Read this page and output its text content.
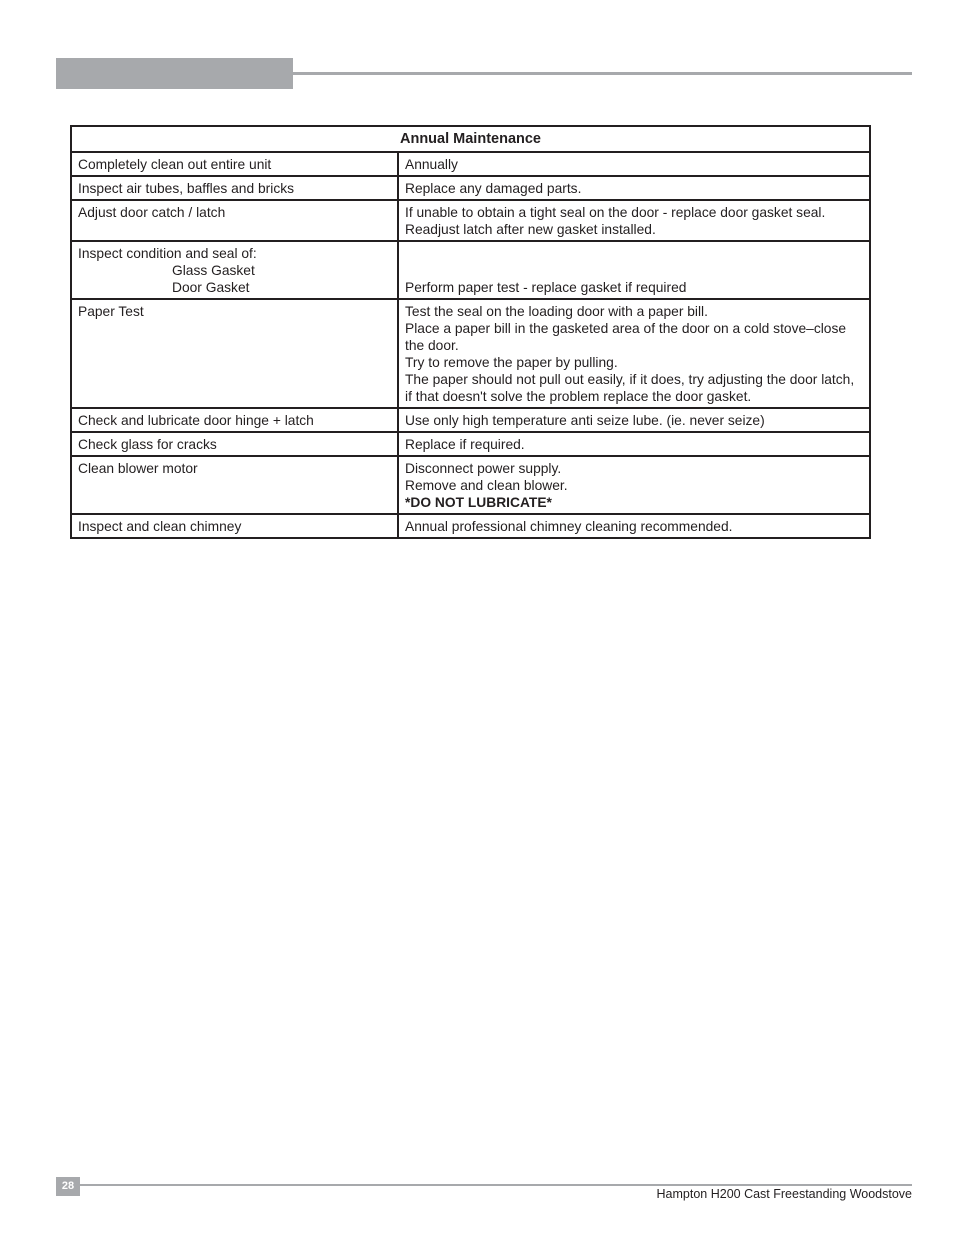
Annual Maintenance	

Completely clean out entire unit	Annually

Inspect air tubes, baffles and bricks	Replace any damaged parts.

Adjust door catch / latch	If unable to obtain a tight seal on the door - replace door gasket seal.
Readjust latch after new gasket installed.

Inspect condition and seal of:
Glass Gasket
Door Gasket	Perform paper test - replace gasket if required

Paper Test	Test the seal on the loading door with a paper bill.
Place a paper bill in the gasketed area of the door on a cold stove–close the door.
Try to remove the paper by pulling.
The paper should not pull out easily, if it does, try adjusting the door latch, if that doesn't solve the problem replace the door gasket.

Check and lubricate door hinge + latch	Use only high temperature anti seize lube. (ie. never seize)

Check glass for cracks	Replace if required.

Clean blower motor	Disconnect power supply.
Remove and clean blower.
*DO NOT LUBRICATE*

Inspect and clean chimney	Annual professional chimney cleaning recommended.
28
Hampton H200 Cast Freestanding Woodstove
